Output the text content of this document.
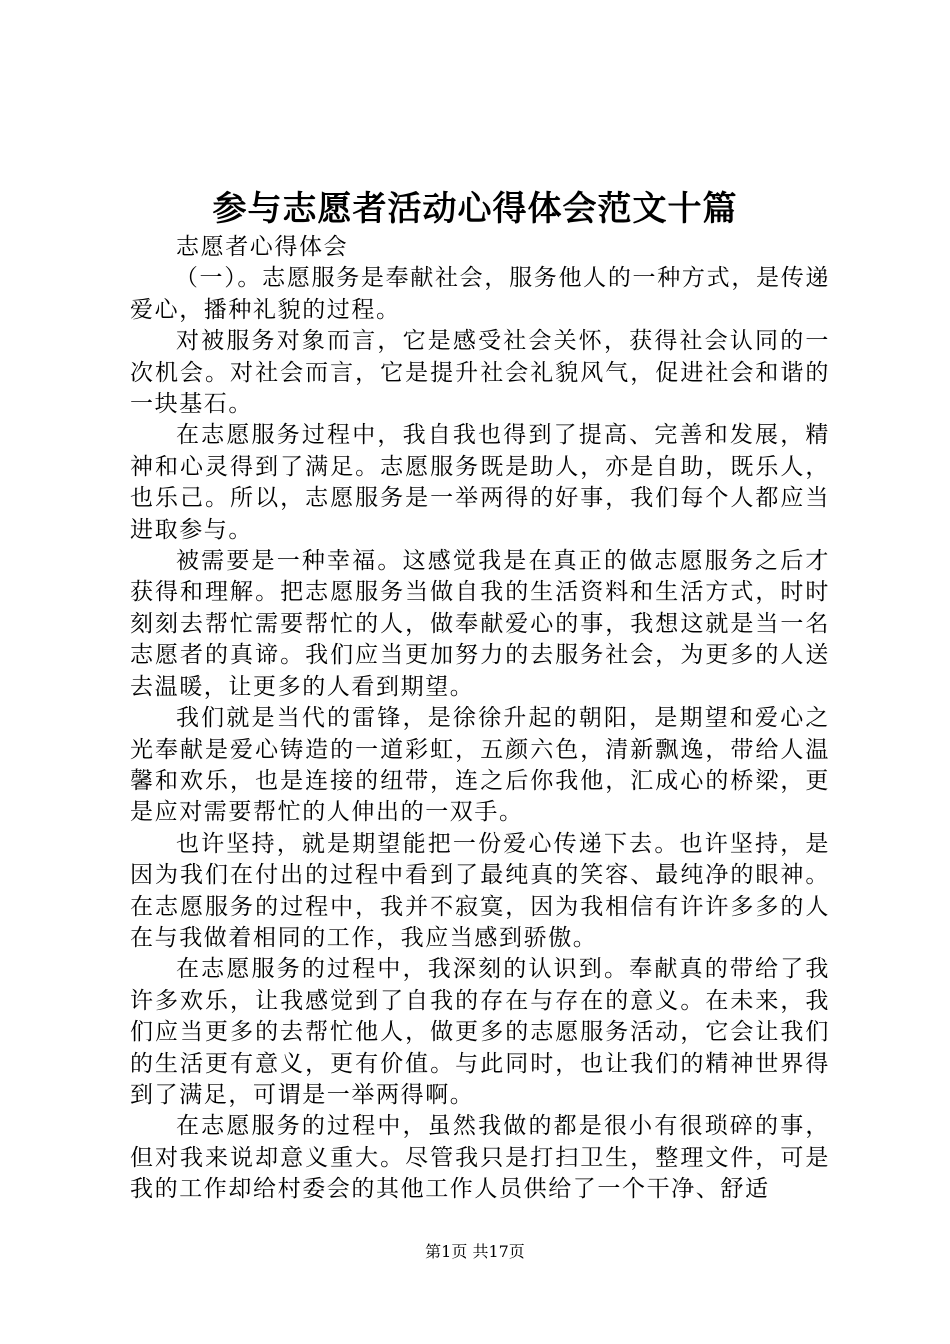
参与志愿者活动心得体会范文十篇

志愿者心得体会

（一）。志愿服务是奉献社会，服务他人的一种方式，是传递爱心，播种礼貌的过程。

对被服务对象而言，它是感受社会关怀，获得社会认同的一次机会。对社会而言，它是提升社会礼貌风气，促进社会和谐的一块基石。

在志愿服务过程中，我自我也得到了提高、完善和发展，精神和心灵得到了满足。志愿服务既是助人，亦是自助，既乐人，也乐己。所以，志愿服务是一举两得的好事，我们每个人都应当进取参与。

被需要是一种幸福。这感觉我是在真正的做志愿服务之后才获得和理解。把志愿服务当做自我的生活资料和生活方式，时时刻刻去帮忙需要帮忙的人，做奉献爱心的事，我想这就是当一名志愿者的真谛。我们应当更加努力的去服务社会，为更多的人送去温暖，让更多的人看到期望。

我们就是当代的雷锋，是徐徐升起的朝阳，是期望和爱心之光奉献是爱心铸造的一道彩虹，五颜六色，清新飘逸，带给人温馨和欢乐，也是连接的纽带，连之后你我他，汇成心的桥梁，更是应对需要帮忙的人伸出的一双手。

也许坚持，就是期望能把一份爱心传递下去。也许坚持，是因为我们在付出的过程中看到了最纯真的笑容、最纯净的眼神。在志愿服务的过程中，我并不寂寞，因为我相信有许许多多的人在与我做着相同的工作，我应当感到骄傲。

在志愿服务的过程中，我深刻的认识到。奉献真的带给了我许多欢乐，让我感觉到了自我的存在与存在的意义。在未来，我们应当更多的去帮忙他人，做更多的志愿服务活动，它会让我们的生活更有意义，更有价值。与此同时，也让我们的精神世界得到了满足，可谓是一举两得啊。

在志愿服务的过程中，虽然我做的都是很小有很琐碎的事，但对我来说却意义重大。尽管我只是打扫卫生，整理文件，可是我的工作却给村委会的其他工作人员供给了一个干净、舒适

第1页 共17页
